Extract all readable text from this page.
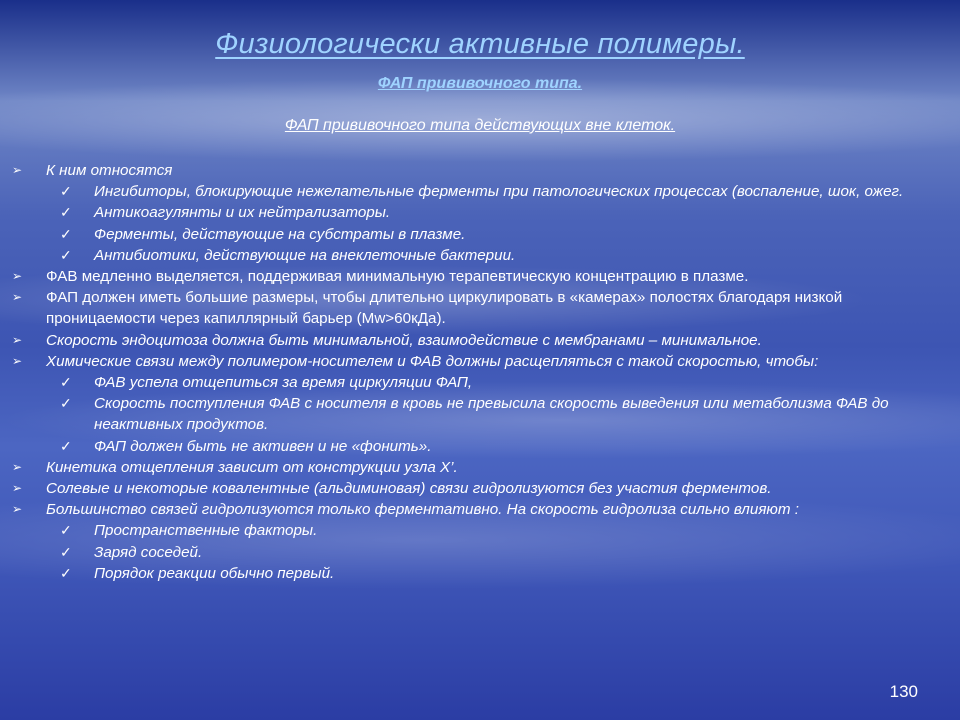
Физиологически активные полимеры.
ФАП прививочного типа.
ФАП прививочного типа действующих вне клеток.
➢ К ним относятся
✓ Ингибиторы, блокирующие нежелательные ферменты при патологических процессах (воспаление, шок, ожег.
✓ Антикоагулянты и их нейтрализаторы.
✓ Ферменты, действующие на субстраты в плазме.
✓ Антибиотики, действующие на внеклеточные бактерии.
➢ ФАВ медленно выделяется, поддерживая минимальную терапевтическую концентрацию в плазме.
➢ ФАП должен иметь большие размеры, чтобы длительно циркулировать в «камерах» полостях благодаря низкой проницаемости через капиллярный барьер (Mw>60кДа).
➢ Скорость эндоцитоза должна быть минимальной, взаимодействие с мембранами – минимальное.
➢ Химические связи между полимером-носителем и ФАВ должны расщепляться с такой скоростью, чтобы:
✓ ФАВ успела отщепиться за время циркуляции ФАП,
✓ Скорость поступления ФАВ с носителя в кровь не превысила скорость выведения или метаболизма ФАВ до неактивных продуктов.
✓ ФАП должен быть не активен и не «фонить».
➢ Кинетика отщепления зависит от конструкции узла X’.
➢ Солевые и некоторые ковалентные (альдиминовая) связи гидролизуются без участия ферментов.
➢ Большинство связей гидролизуются только ферментативно. На скорость гидролиза сильно влияют :
✓ Пространственные факторы.
✓ Заряд соседей.
✓ Порядок реакции обычно первый.
130
